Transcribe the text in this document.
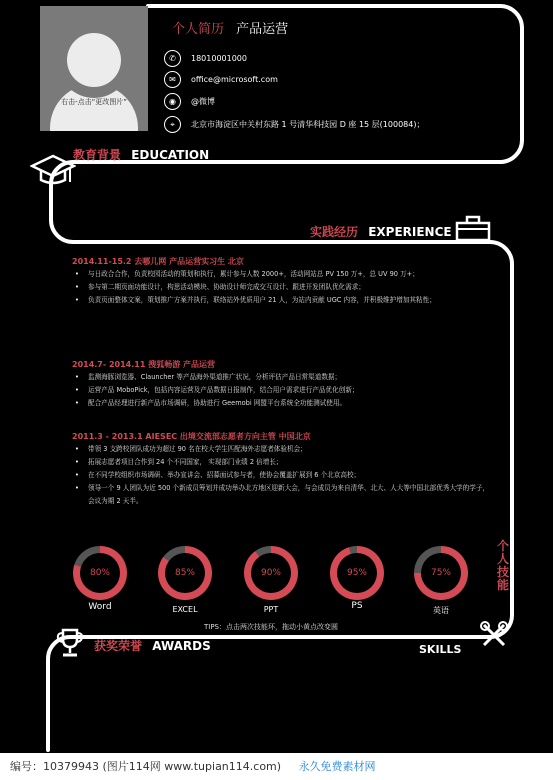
右击-点击“更改图片”
个人简历 产品运营
✆	18010001000
✉	office@microsoft.com
◉	@微博
⌖	北京市海淀区中关村东路 1 号清华科技园 D 座 15 层(100084)；
教育背景 EDUCATION
实践经历 EXPERIENCE
2014.11-15.2 去哪儿网 产品运营实习生 北京
• 与日政合合作，负责校园活动的策划和执行，累计参与人数 2000+，活动网站总 PV 150 万+，总 UV 90 万+；
• 参与第二期页面功能设计，构思活动模块、协助设计师完成交互设计、跟进开发团队优化需求；
• 负责页面整体文案，策划推广方案并执行，联络站外优质用户 21 人，为站内贡献 UGC 内容，并积极维护增加其粘性；
2014.7- 2014.11 搜狐畅游 产品运营
• 监测海豚浏览器、Clauncher 等产品海外渠道推广状况，分析评估产品日常渠道数据；
• 运营产品 MoboPick，包括内容运营及产品数据日报制作，结合用户需求进行产品优化创新；
• 配合产品经理进行新产品市场调研，协助进行 Geemobi 网盟平台系统全功能测试使用。
2011.3 - 2013.1 AIESEC 出境交流部志愿者方向主管 中国北京
• 带领 3 支跨校团队成功为超过 90 名在校大学生匹配海外志愿者体验机会；
• 拓展志愿者项目合作到 24 个不同国家， 实现部门业绩 2 倍增长；
• 在不同学校组织市场调研、举办宣讲会、招募面试参与者，使协会覆盖扩展到 6 个北京高校；
• 领导一个 9 人团队为近 500 个新成员筹划并成功举办北方地区迎新大会，与会成员为来自清华、北大、人大等中国北部优秀大学的学子，会议为期 2 天半。
80%	85%	90%	95%	75%
Word	EXCEL	PPT	PS	英语
个人技能
TIPS：点击两次技能环，拖动小黄点改变圆
获奖荣誉 AWARDS	SKILLS
编号：10379943 (图片114网 www.tupian114.com) 永久免费素材网
